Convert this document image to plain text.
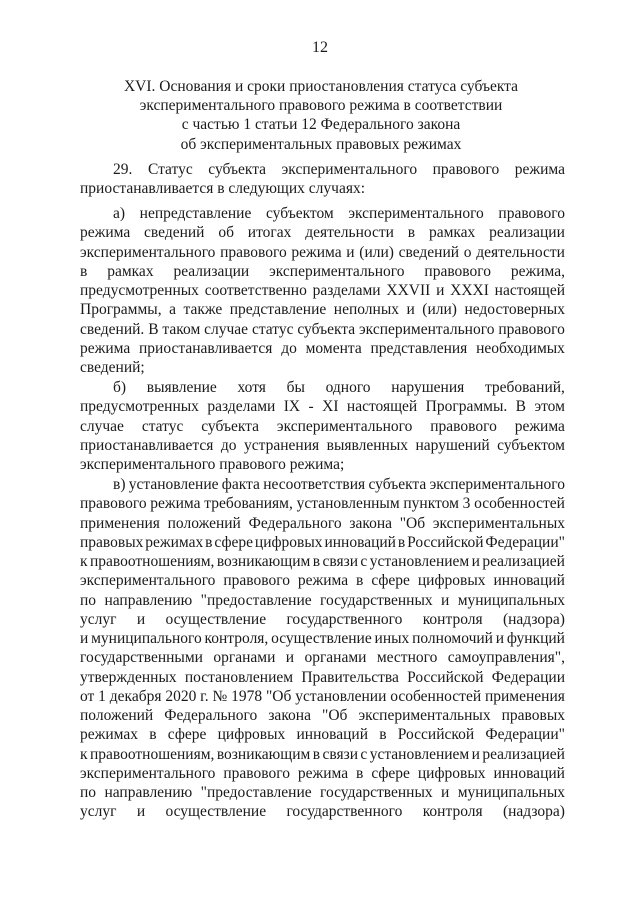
12
XVI. Основания и сроки приостановления статуса субъекта
экспериментального правового режима в соответствии
с частью 1 статьи 12 Федерального закона
об экспериментальных правовых режимах
29. Статус субъекта экспериментального правового режима
приостанавливается в следующих случаях:
а) непредставление субъектом экспериментального правового
режима сведений об итогах деятельности в рамках реализации
экспериментального правового режима и (или) сведений о деятельности
в рамках реализации экспериментального правового режима,
предусмотренных соответственно разделами XXVII и XXXI настоящей
Программы, а также представление неполных и (или) недостоверных
сведений. В таком случае статус субъекта экспериментального правового
режима приостанавливается до момента представления необходимых
сведений;
б) выявление хотя бы одного нарушения требований,
предусмотренных разделами IX - XI настоящей Программы. В этом
случае статус субъекта экспериментального правового режима
приостанавливается до устранения выявленных нарушений субъектом
экспериментального правового режима;
в) установление факта несоответствия субъекта экспериментального
правового режима требованиям, установленным пунктом 3 особенностей
применения положений Федерального закона "Об экспериментальных
правовых режимах в сфере цифровых инноваций в Российской Федерации"
к правоотношениям, возникающим в связи с установлением и реализацией
экспериментального правового режима в сфере цифровых инноваций
по направлению "предоставление государственных и муниципальных
услуг и осуществление государственного контроля (надзора)
и муниципального контроля, осуществление иных полномочий и функций
государственными органами и органами местного самоуправления",
утвержденных постановлением Правительства Российской Федерации
от 1 декабря 2020 г. № 1978 "Об установлении особенностей применения
положений Федерального закона "Об экспериментальных правовых
режимах в сфере цифровых инноваций в Российской Федерации"
к правоотношениям, возникающим в связи с установлением и реализацией
экспериментального правового режима в сфере цифровых инноваций
по направлению "предоставление государственных и муниципальных
услуг и осуществление государственного контроля (надзора)
